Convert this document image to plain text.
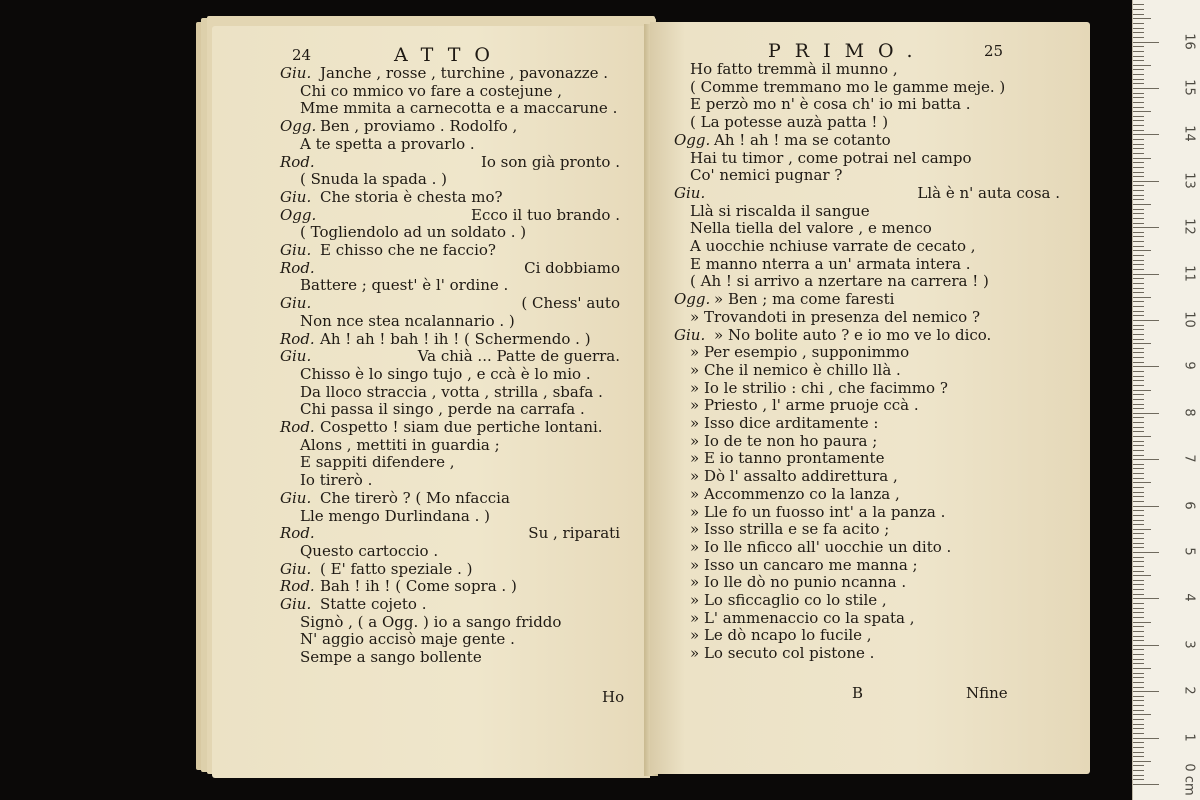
24	ATTO
Giu. Janche , rosse , turchine , pavonazze .
Chi co mmico vo fare a costejune ,
Mme mmita a carnecotta e a maccarune .
Ogg. Ben , proviamo . Rodolfo ,
A te spetta a provarlo .
Rod.	Io son già pronto .
( Snuda la spada . )
Giu. Che storia è chesta mo?
Ogg.	Ecco il tuo brando .
( Togliendolo ad un soldato . )
Giu. E chisso che ne faccio?
Rod.	Ci dobbiamo
Battere ; quest' è l' ordine .
Giu.	( Chess' auto
Non nce stea ncalannario . )
Rod. Ah ! ah ! bah ! ih ! ( Schermendo . )
Giu.	Va chià ... Patte de guerra.
Chisso è lo singo tujo , e ccà è lo mio .
Da lloco straccia , votta , strilla , sbafa .
Chi passa il singo , perde na carrafa .
Rod. Cospetto ! siam due pertiche lontani.
Alons , mettiti in guardia ;
E sappiti difendere ,
Io tirerò .
Giu. Che tirerò ? ( Mo nfaccia
Lle mengo Durlindana . )
Rod.	Su , riparati
Questo cartoccio .
Giu. ( E' fatto speziale . )
Rod. Bah ! ih ! ( Come sopra . )
Giu. Statte cojeto .
Signò , ( a Ogg. ) io a sango friddo
N' aggio accisò maje gente .
Sempe a sango bollente
Ho
PRIMO.	25
Ho fatto tremmà il munno ,
( Comme tremmano mo le gamme meje. )
E perzò mo n' è cosa ch' io mi batta .
( La potesse auzà patta ! )
Ogg. Ah ! ah ! ma se cotanto
Hai tu timor , come potrai nel campo
Co' nemici pugnar ?
Giu.	Llà è n' auta cosa .
Llà si riscalda il sangue
Nella tiella del valore , e menco
A uocchie nchiuse varrate de cecato ,
E manno nterra a un' armata intera .
( Ah ! si arrivo a nzertare na carrera ! )
Ogg. » Ben ; ma come faresti
» Trovandoti in presenza del nemico ?
Giu. » No bolite auto ? e io mo ve lo dico.
» Per esempio , supponimmo
» Che il nemico è chillo llà .
» Io le strilio : chi , che facimmo ?
» Priesto , l' arme pruoje ccà .
» Isso dice arditamente :
» Io de te non ho paura ;
» E io tanno prontamente
» Dò l' assalto addirettura ,
» Accommenzo co la lanza ,
» Lle fo un fuosso int' a la panza .
» Isso strilla e se fa acito ;
» Io lle nficco all' uocchie un dito .
» Isso un cancaro me manna ;
» Io lle dò no punio ncanna .
» Lo sficcaglio co lo stile ,
» L' ammenaccio co la spata ,
» Le dò ncapo lo fucile ,
» Lo secuto col pistone .
B	Nfine
0 cm
1
2
3
4
5
6
7
8
9
10
11
12
13
14
15
16
